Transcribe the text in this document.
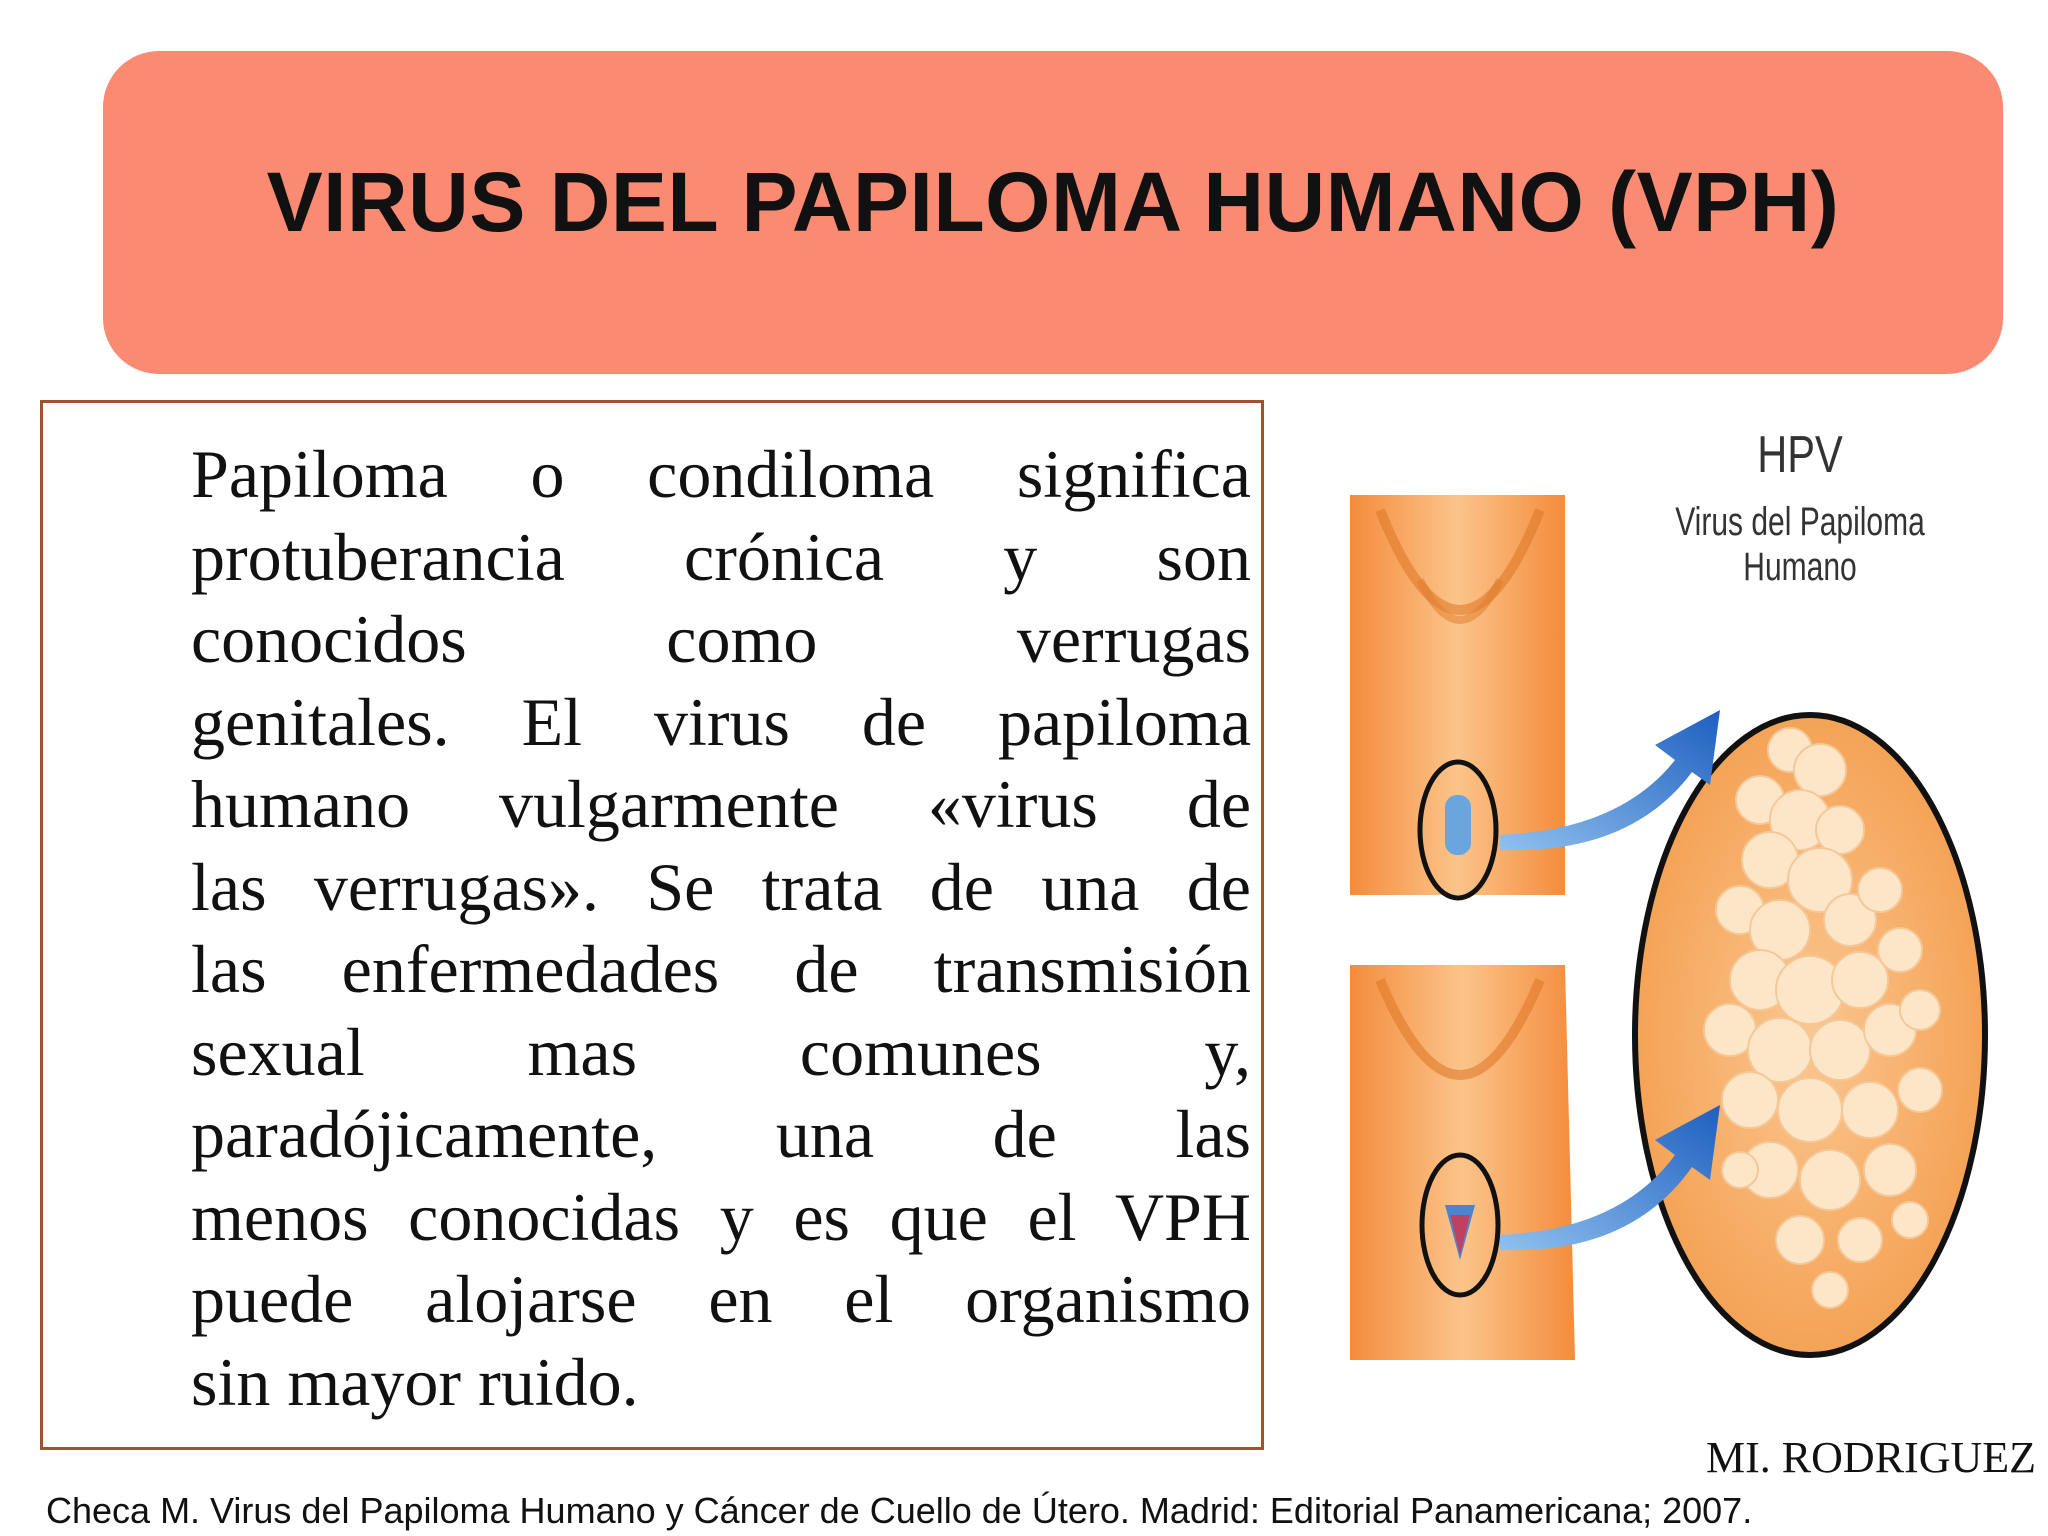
VIRUS DEL PAPILOMA HUMANO (VPH)
Papiloma o condiloma significa
protuberancia crónica y son
conocidos como verrugas
genitales. El virus de papiloma
humano vulgarmente «virus de
las verrugas». Se trata de una de
las enfermedades de transmisión
sexual mas comunes y,
paradójicamente, una de las
menos conocidas y es que el VPH
puede alojarse en el organismo
sin mayor ruido.
HPV
Virus del Papiloma Humano
MI. RODRIGUEZ
Checa M. Virus del Papiloma Humano y Cáncer de Cuello de Útero. Madrid: Editorial Panamericana; 2007.
